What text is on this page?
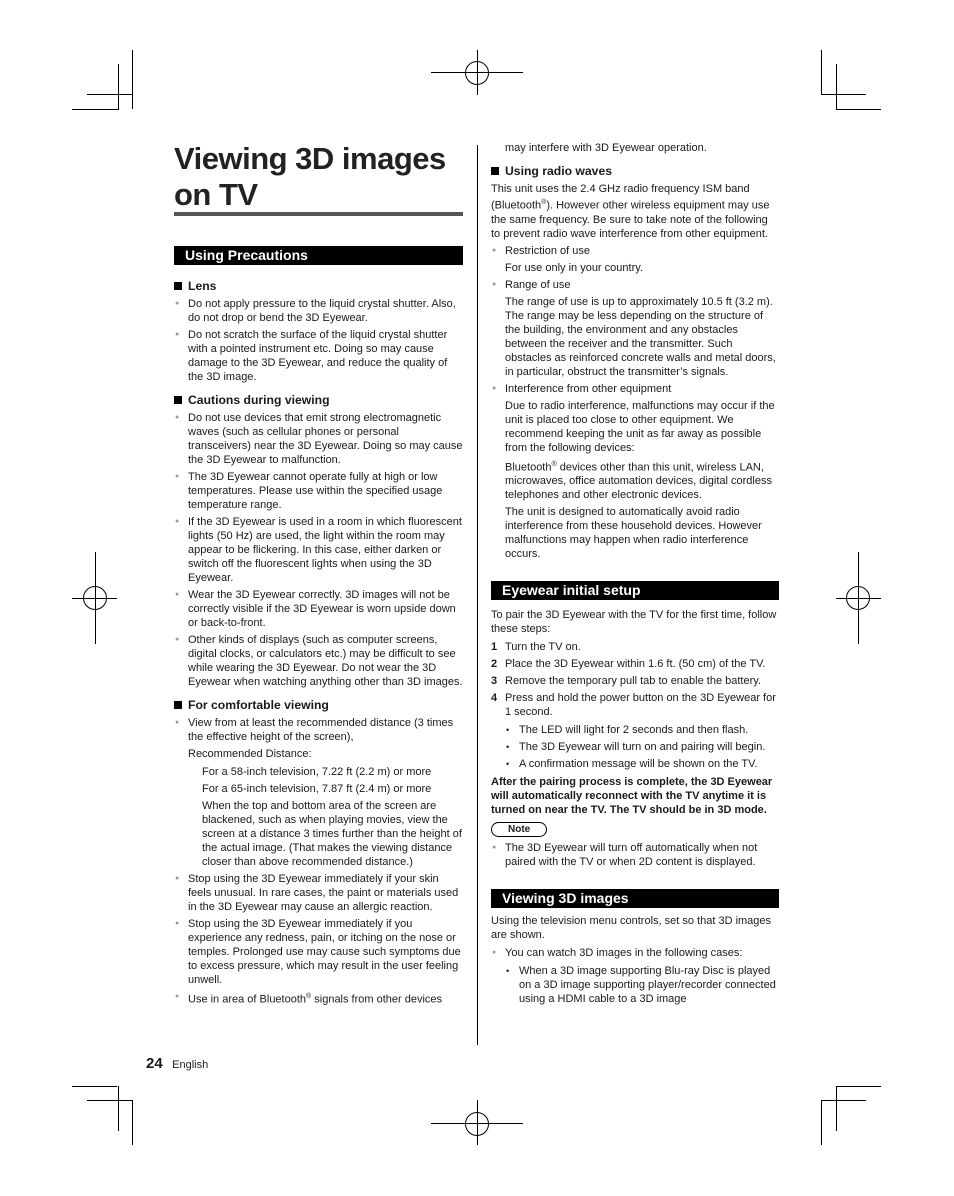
Viewing 3D images
on TV
Using Precautions

Lens

● Do not apply pressure to the liquid crystal shutter. Also, do not drop or bend the 3D Eyewear.

● Do not scratch the surface of the liquid crystal shutter with a pointed instrument etc. Doing so may cause damage to the 3D Eyewear, and reduce the quality of the 3D image.

Cautions during viewing

● Do not use devices that emit strong electromagnetic waves (such as cellular phones or personal transceivers) near the 3D Eyewear. Doing so may cause the 3D Eyewear to malfunction.

● The 3D Eyewear cannot operate fully at high or low temperatures. Please use within the specified usage temperature range.

● If the 3D Eyewear is used in a room in which fluorescent lights (50 Hz) are used, the light within the room may appear to be flickering. In this case, either darken or switch off the fluorescent lights when using the 3D Eyewear.

● Wear the 3D Eyewear correctly. 3D images will not be correctly visible if the 3D Eyewear is worn upside down or back-to-front.

● Other kinds of displays (such as computer screens, digital clocks, or calculators etc.) may be difficult to see while wearing the 3D Eyewear. Do not wear the 3D Eyewear when watching anything other than 3D images.

For comfortable viewing

● View from at least the recommended distance (3 times the effective height of the screen),

Recommended Distance:

For a 58-inch television, 7.22 ft (2.2 m) or more

For a 65-inch television, 7.87 ft (2.4 m) or more

When the top and bottom area of the screen are blackened, such as when playing movies, view the screen at a distance 3 times further than the height of the actual image. (That makes the viewing distance closer than above recommended distance.)

● Stop using the 3D Eyewear immediately if your skin feels unusual. In rare cases, the paint or materials used in the 3D Eyewear may cause an allergic reaction.

● Stop using the 3D Eyewear immediately if you experience any redness, pain, or itching on the nose or temples. Prolonged use may cause such symptoms due to excess pressure, which may result in the user feeling unwell.

● Use in area of Bluetooth® signals from other devices

24 English

may interfere with 3D Eyewear operation.

Using radio waves

This unit uses the 2.4 GHz radio frequency ISM band (Bluetooth®). However other wireless equipment may use the same frequency. Be sure to take note of the following to prevent radio wave interference from other equipment.

● Restriction of use

For use only in your country.

● Range of use

The range of use is up to approximately 10.5 ft (3.2 m). The range may be less depending on the structure of the building, the environment and any obstacles between the receiver and the transmitter. Such obstacles as reinforced concrete walls and metal doors, in particular, obstruct the transmitter’s signals.

● Interference from other equipment

Due to radio interference, malfunctions may occur if the unit is placed too close to other equipment. We recommend keeping the unit as far away as possible from the following devices:

Bluetooth® devices other than this unit, wireless LAN, microwaves, office automation devices, digital cordless telephones and other electronic devices.

The unit is designed to automatically avoid radio interference from these household devices. However malfunctions may happen when radio interference occurs.

Eyewear initial setup

To pair the 3D Eyewear with the TV for the first time, follow these steps:

1 Turn the TV on.

2 Place the 3D Eyewear within 1.6 ft. (50 cm) of the TV.

3 Remove the temporary pull tab to enable the battery.

4 Press and hold the power button on the 3D Eyewear for 1 second.

• The LED will light for 2 seconds and then flash.

• The 3D Eyewear will turn on and pairing will begin.

• A confirmation message will be shown on the TV.

After the pairing process is complete, the 3D Eyewear will automatically reconnect with the TV anytime it is turned on near the TV. The TV should be in 3D mode.

Note

● The 3D Eyewear will turn off automatically when not paired with the TV or when 2D content is displayed.

Viewing 3D images

Using the television menu controls, set so that 3D images are shown.

● You can watch 3D images in the following cases:

• When a 3D image supporting Blu-ray Disc is played on a 3D image supporting player/recorder connected using a HDMI cable to a 3D image
